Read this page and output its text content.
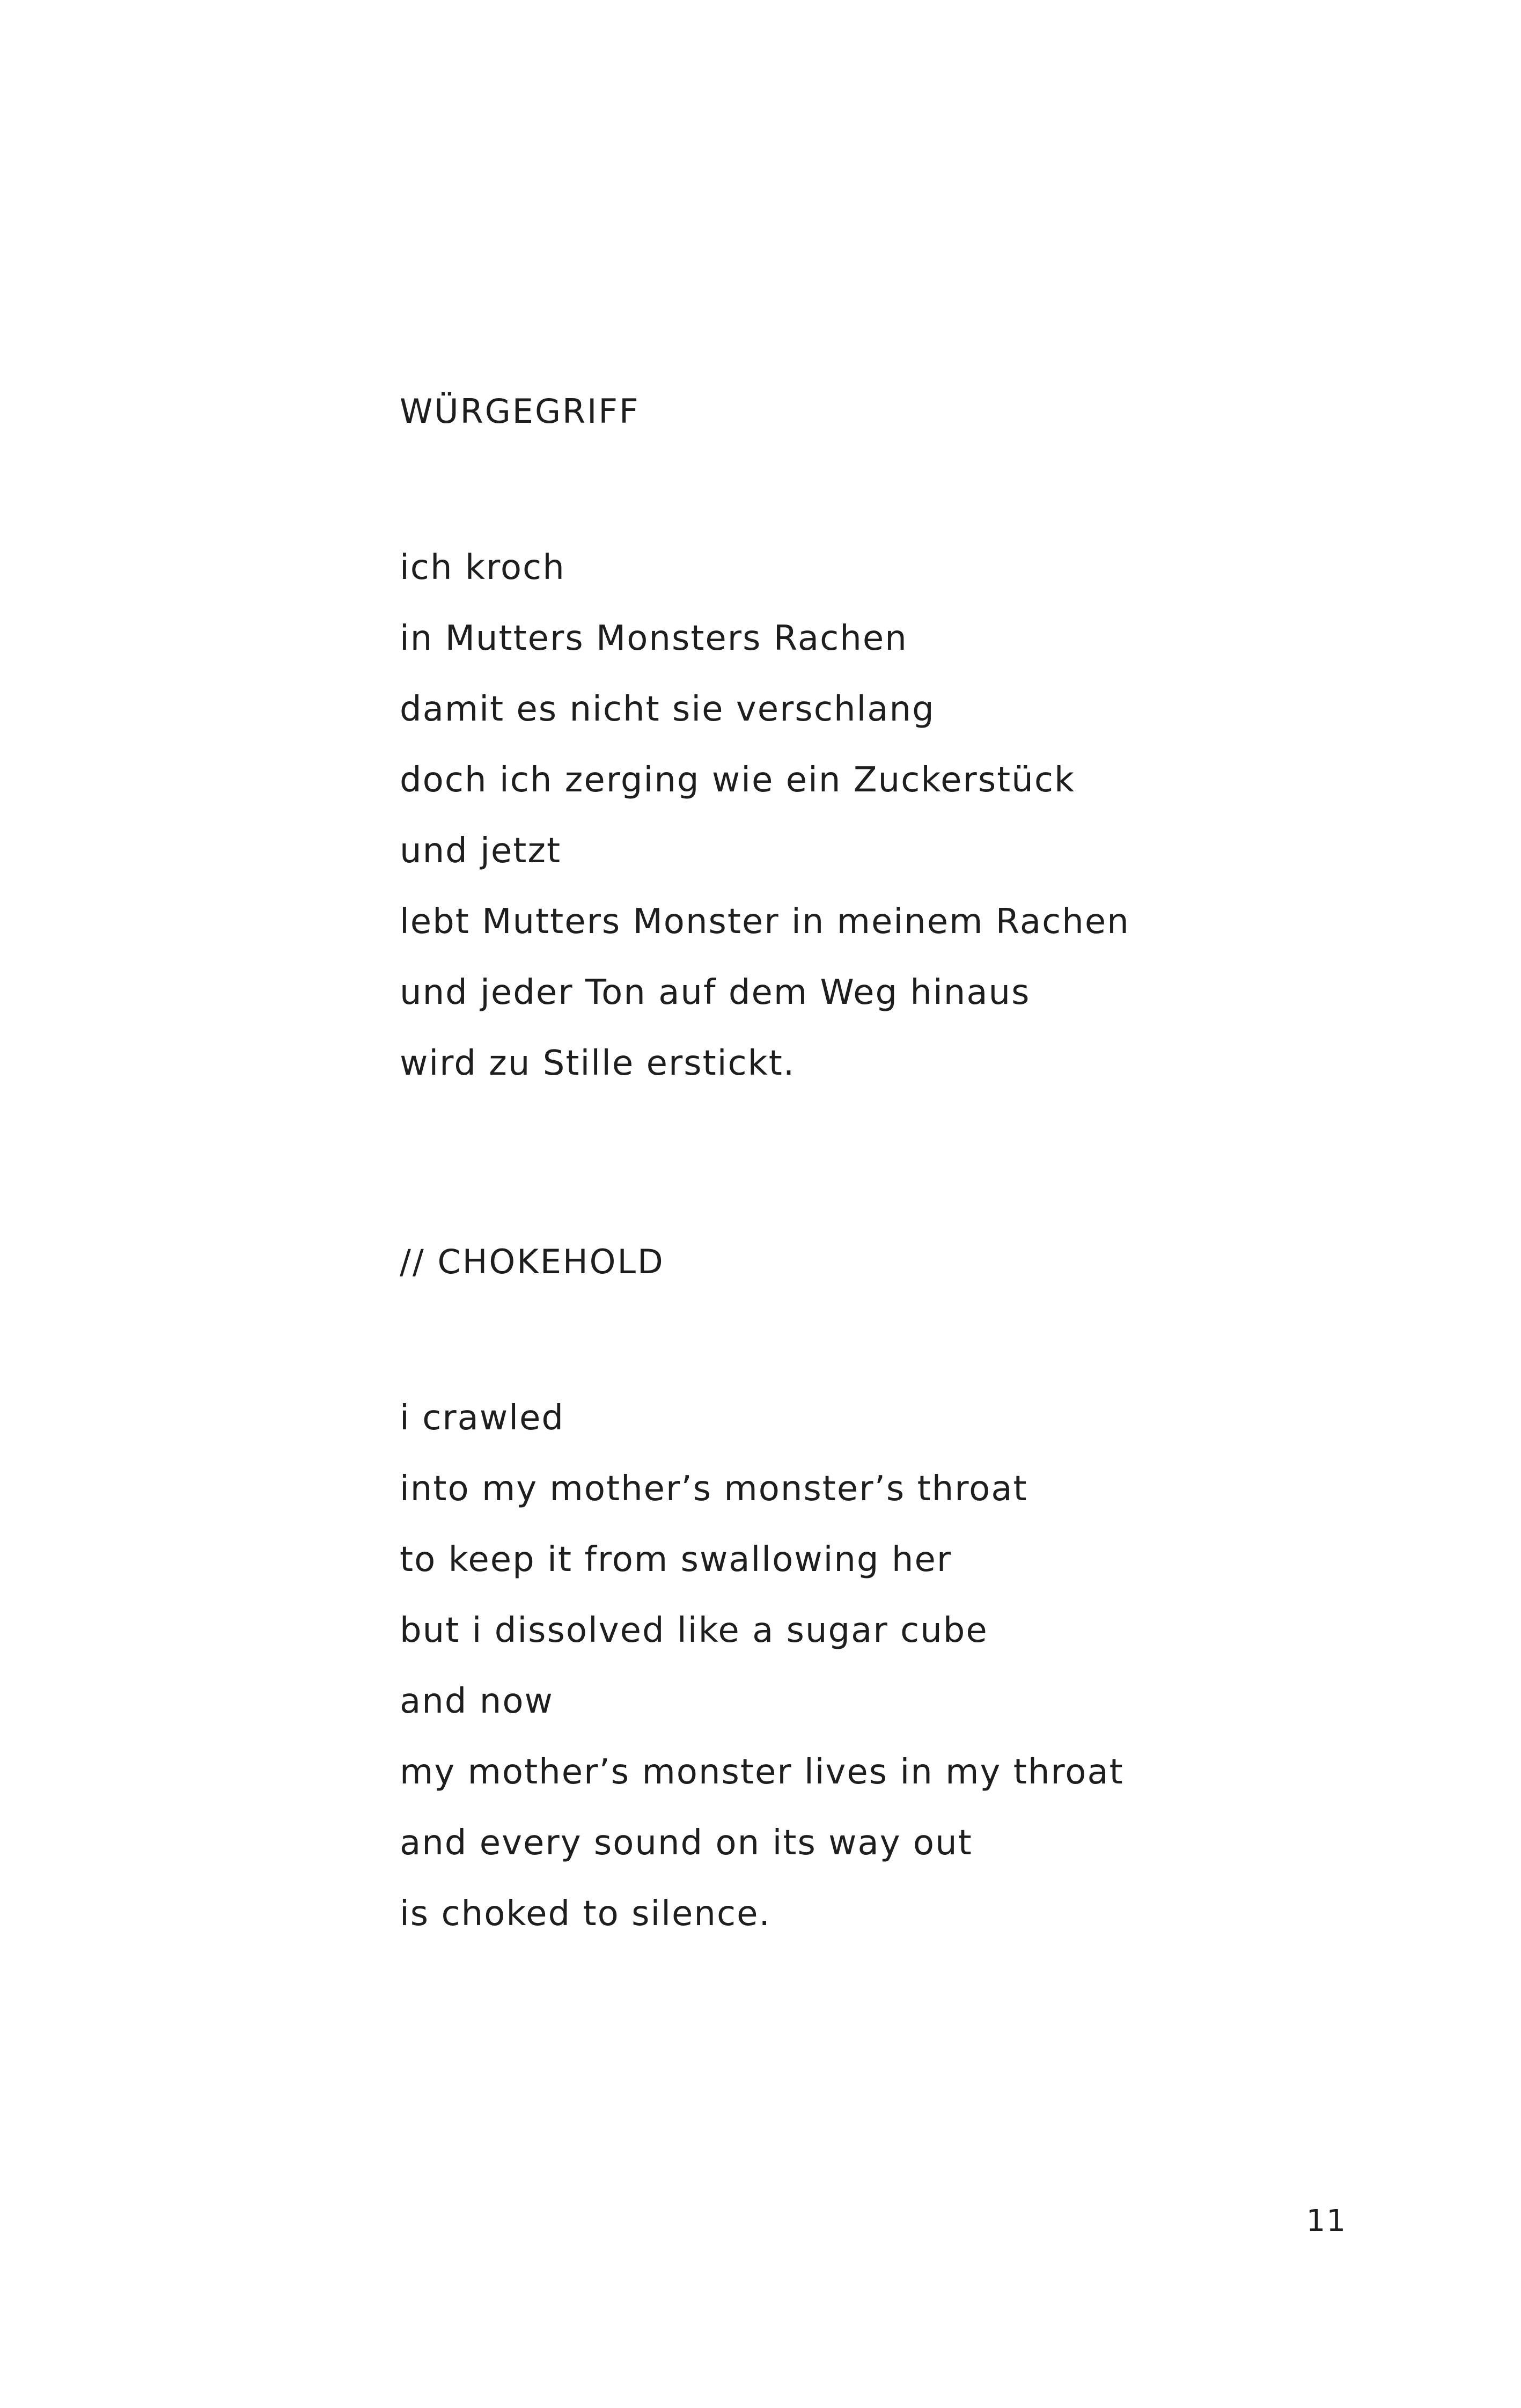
WÜRGEGRIFF
ich kroch
in Mutters Monsters Rachen
damit es nicht sie verschlang
doch ich zerging wie ein Zuckerstück
und jetzt
lebt Mutters Monster in meinem Rachen
und jeder Ton auf dem Weg hinaus
wird zu Stille erstickt.
// CHOKEHOLD
i crawled
into my mother’s monster’s throat
to keep it from swallowing her
but i dissolved like a sugar cube
and now
my mother’s monster lives in my throat
and every sound on its way out
is choked to silence.
11
